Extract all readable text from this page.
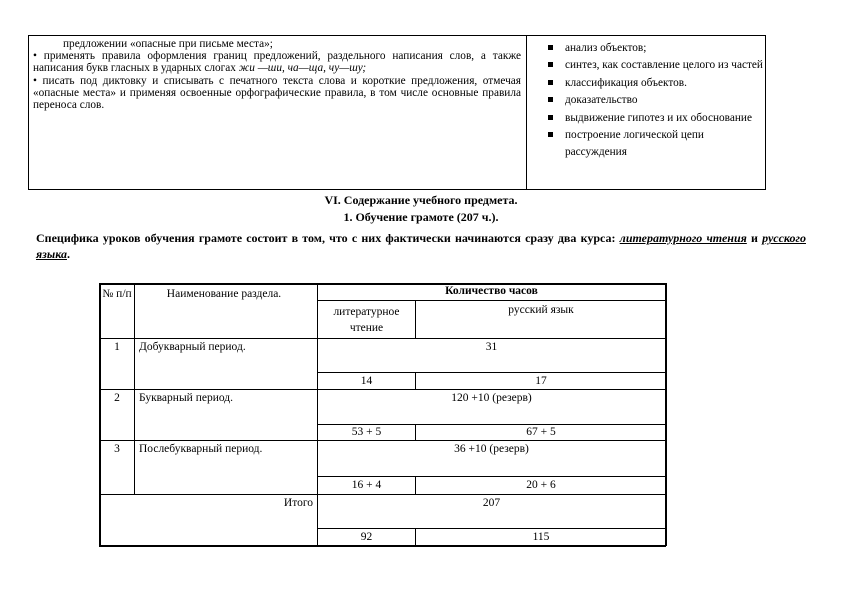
предложении «опасные при письме места»;

• применять правила оформления границ предложений, раздельного написания слов, а также написания букв гласных в ударных слогах жи —ши, ча—ща, чу—шу;

• писать под диктовку и списывать с печатного текста слова и короткие предложения, отмечая «опасные места» и применяя освоенные орфографические правила, в том числе основные правила переноса слов.

анализ объектов;
синтез, как составление целого из частей
классификация объектов.
доказательство
выдвижение гипотез и их обоснование
построение логической цепи рассуждения
VI. Содержание учебного предмета.
1. Обучение грамоте (207 ч.).
Специфика уроков обучения грамоте состоит в том, что с них фактически начинаются сразу два курса: литературного чтения и русского языка.
№ п/п	Наименование раздела.	Количество часов
литературное чтение
русский язык
1	Добукварный период.	31
14	17
2	Букварный период.	120 +10 (резерв)
53 + 5	67 + 5
3	Послебукварный период.	36 +10 (резерв)
16 + 4	20 + 6
Итого	207
92	115
